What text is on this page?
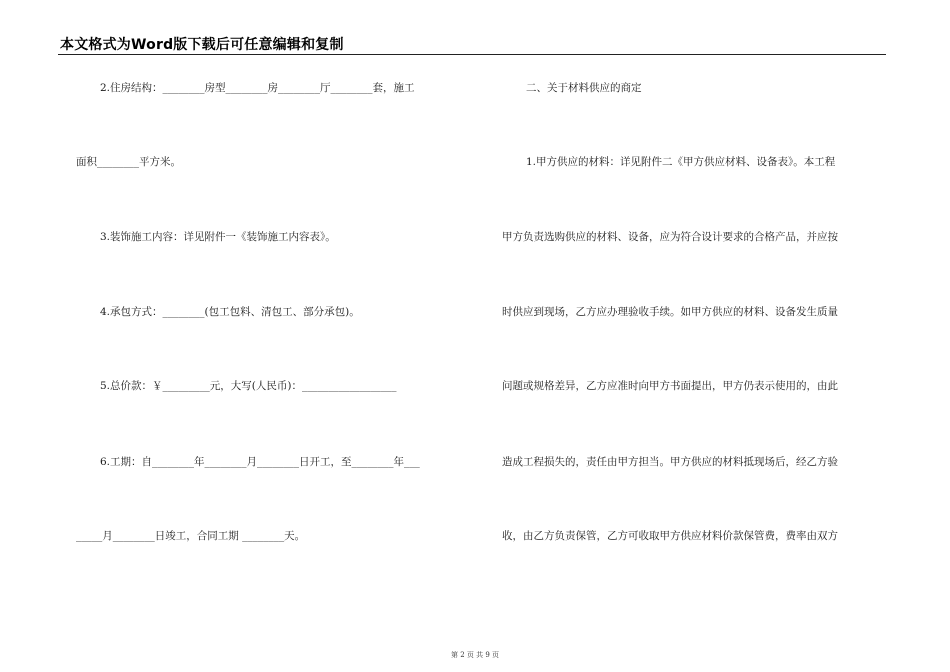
本文格式为Word版下载后可任意编辑和复制
2.住房结构：________房型________房________厅________套，施工
面积________平方米。
3.装饰施工内容：详见附件一《装饰施工内容表》。
4.承包方式：________(包工包料、清包工、部分承包)。
5.总价款：￥_________元，大写(人民币)：__________________
6.工期：自________年________月________日开工，至________年___
_____月________日竣工，合同工期 ________天。
二、关于材料供应的商定
1.甲方供应的材料：详见附件二《甲方供应材料、设备表》。本工程
甲方负责选购供应的材料、设备，应为符合设计要求的合格产品，并应按
时供应到现场，乙方应办理验收手续。如甲方供应的材料、设备发生质量
问题或规格差异，乙方应准时向甲方书面提出，甲方仍表示使用的，由此
造成工程损失的，责任由甲方担当。甲方供应的材料抵现场后，经乙方验
收，由乙方负责保管，乙方可收取甲方供应材料价款保管费，费率由双方
第 2 页 共 9 页
